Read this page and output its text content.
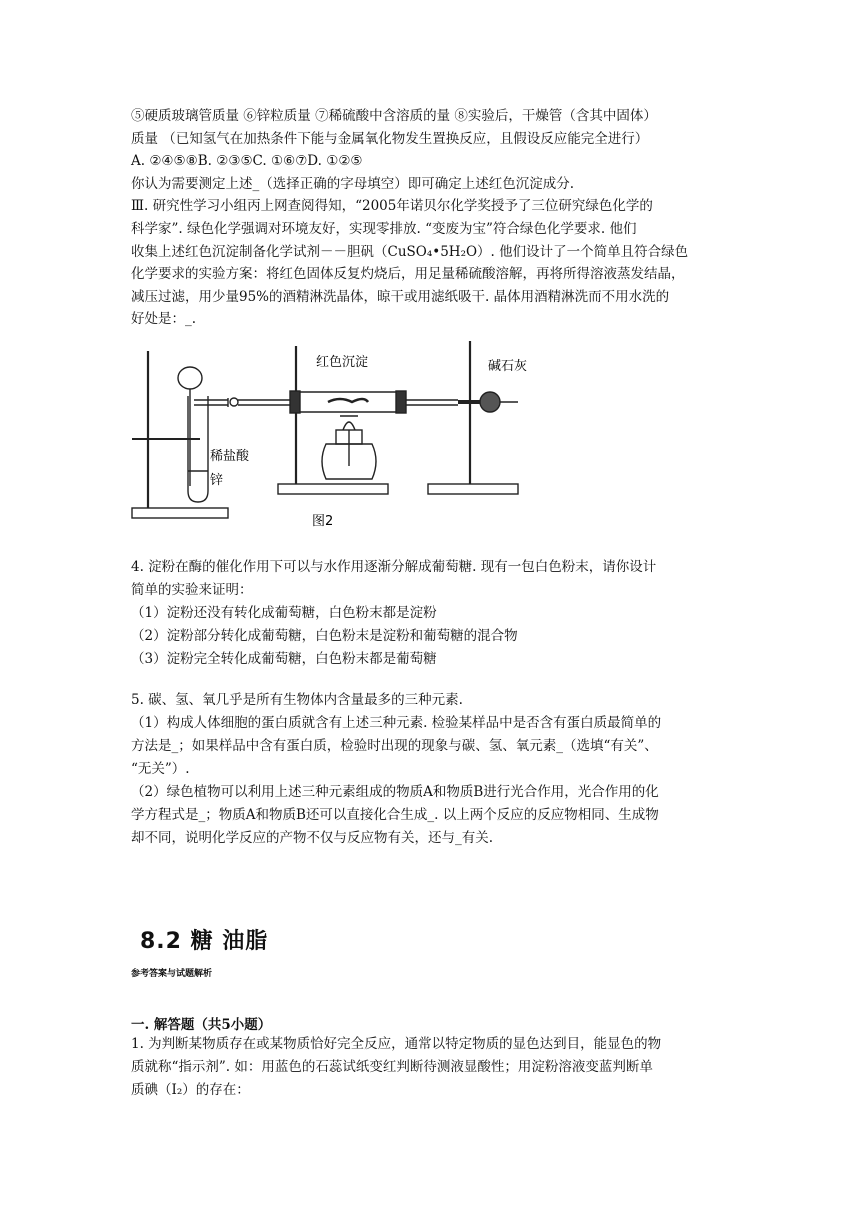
⑤硬质玻璃管质量 ⑥锌粒质量 ⑦稀硫酸中含溶质的量 ⑧实验后，干燥管（含其中固体）
质量 （已知氢气在加热条件下能与金属氧化物发生置换反应，且假设反应能完全进行）
A. ②④⑤⑧B. ②③⑤C. ①⑥⑦D. ①②⑤
你认为需要测定上述_（选择正确的字母填空）即可确定上述红色沉淀成分.
Ⅲ. 研究性学习小组丙上网查阅得知，“2005年诺贝尔化学奖授予了三位研究绿色化学的
科学家”. 绿色化学强调对环境友好，实现零排放. “变废为宝”符合绿色化学要求. 他们
收集上述红色沉淀制备化学试剂－－胆矾（CuSO₄•5H₂O）. 他们设计了一个简单且符合绿色
化学要求的实验方案：将红色固体反复灼烧后，用足量稀硫酸溶解，再将所得溶液蒸发结晶，
减压过滤，用少量95%的酒精淋洗晶体，晾干或用滤纸吸干. 晶体用酒精淋洗而不用水洗的
好处是：_.
红色沉淀	碱石灰
稀盐酸
锌
图2
4. 淀粉在酶的催化作用下可以与水作用逐渐分解成葡萄糖. 现有一包白色粉末，请你设计
简单的实验来证明：
（1）淀粉还没有转化成葡萄糖，白色粉末都是淀粉
（2）淀粉部分转化成葡萄糖，白色粉末是淀粉和葡萄糖的混合物
（3）淀粉完全转化成葡萄糖，白色粉末都是葡萄糖
5. 碳、氢、氧几乎是所有生物体内含量最多的三种元素.
（1）构成人体细胞的蛋白质就含有上述三种元素. 检验某样品中是否含有蛋白质最简单的
方法是_；如果样品中含有蛋白质，检验时出现的现象与碳、氢、氧元素_（选填“有关”、
“无关”）.
（2）绿色植物可以利用上述三种元素组成的物质A和物质B进行光合作用，光合作用的化
学方程式是_；物质A和物质B还可以直接化合生成_. 以上两个反应的反应物相同、生成物
却不同，说明化学反应的产物不仅与反应物有关，还与_有关.
8.2 糖 油脂
参考答案与试题解析
一. 解答题（共5小题）
1. 为判断某物质存在或某物质恰好完全反应，通常以特定物质的显色达到目，能显色的物
质就称“指示剂”. 如：用蓝色的石蕊试纸变红判断待测液显酸性；用淀粉溶液变蓝判断单
质碘（I₂）的存在：
